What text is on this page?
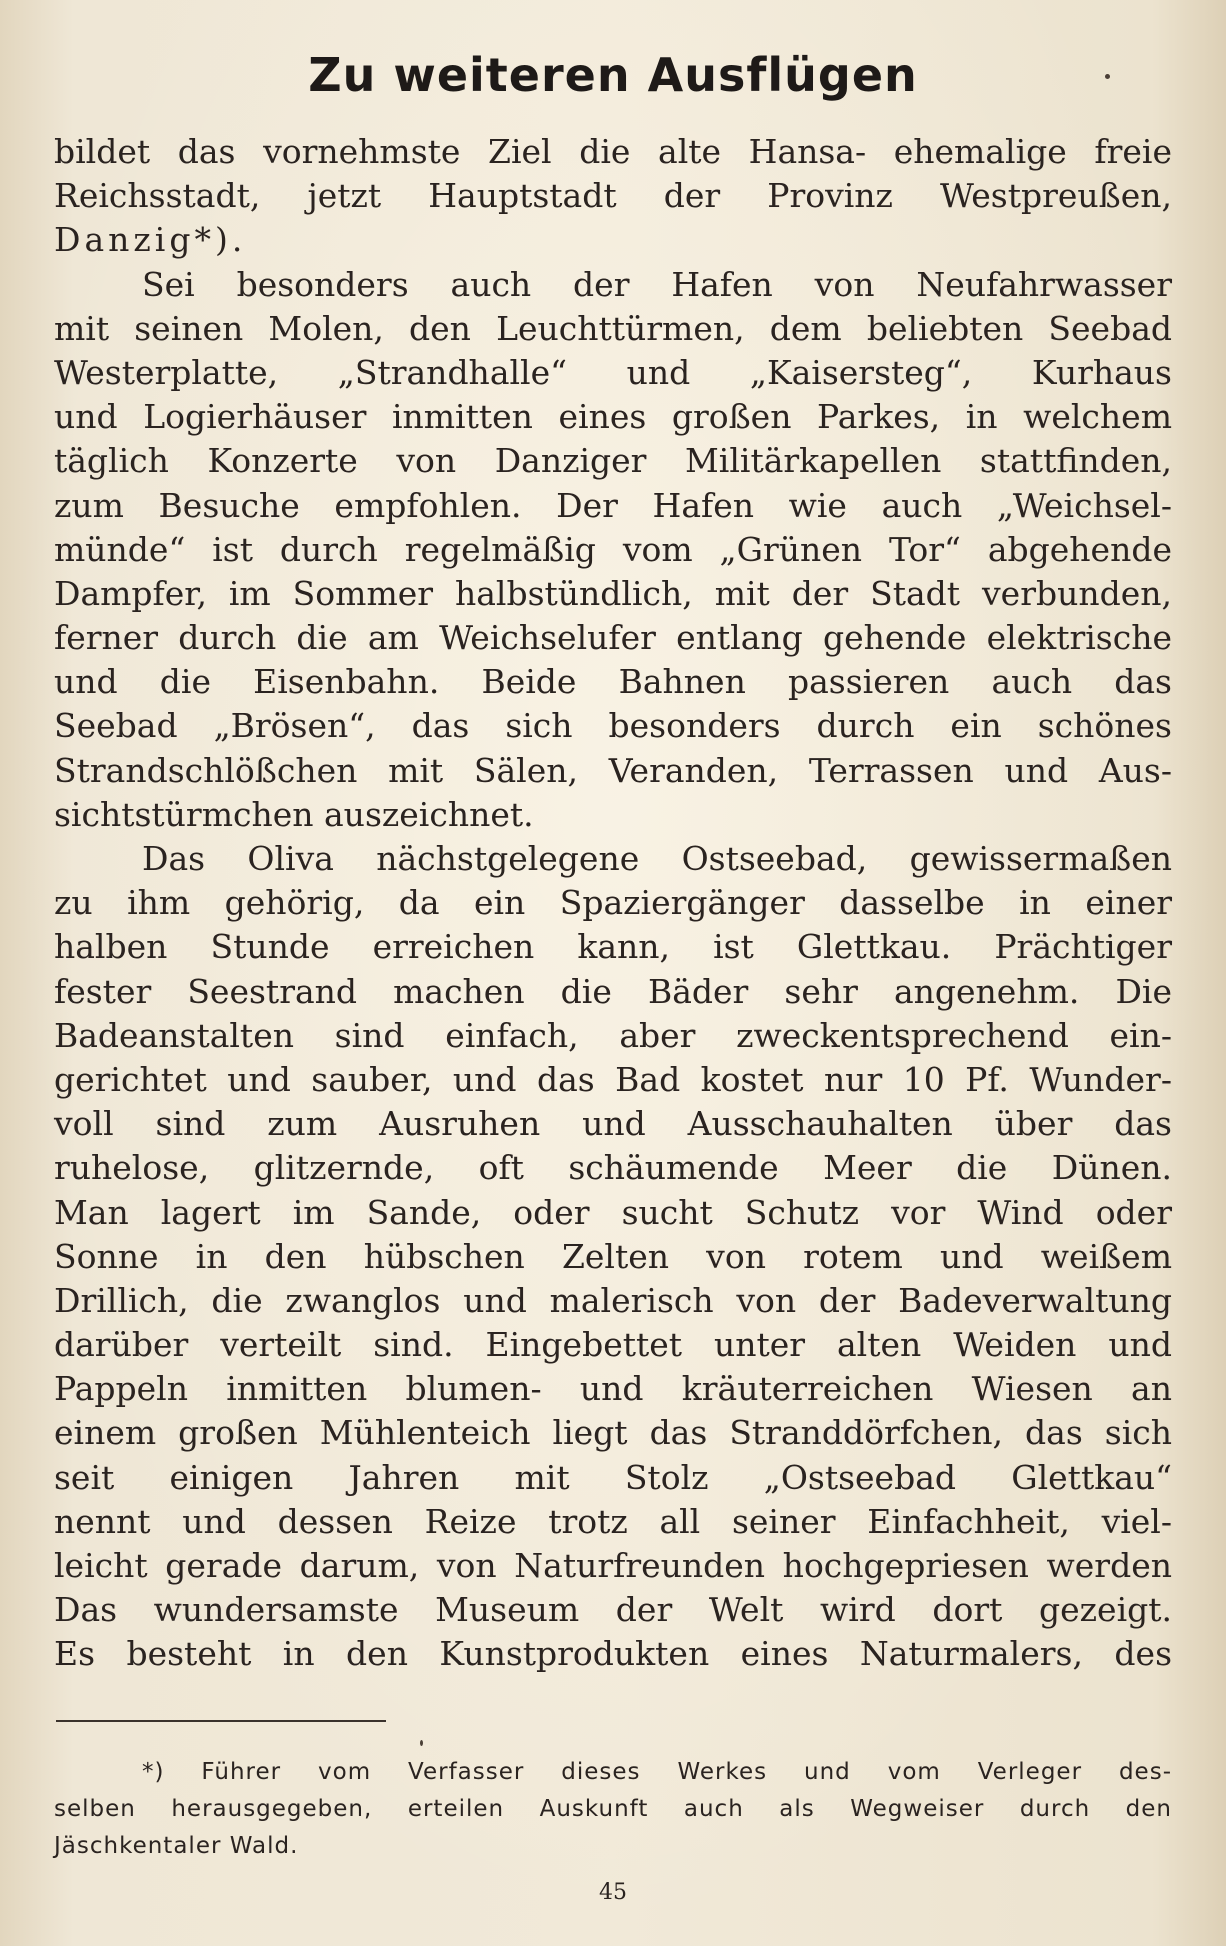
Zu weiteren Ausflügen
bildet das vornehmste Ziel die alte Hansa- ehemalige freie
Reichsstadt, jetzt Hauptstadt der Provinz Westpreußen,
Danzig*).
Sei besonders auch der Hafen von Neufahrwasser
mit seinen Molen, den Leuchttürmen, dem beliebten Seebad
Westerplatte, „Strandhalle“ und „Kaisersteg“, Kurhaus
und Logierhäuser inmitten eines großen Parkes, in welchem
täglich Konzerte von Danziger Militärkapellen stattfinden,
zum Besuche empfohlen. Der Hafen wie auch „Weichsel-
münde“ ist durch regelmäßig vom „Grünen Tor“ abgehende
Dampfer, im Sommer halbstündlich, mit der Stadt verbunden,
ferner durch die am Weichselufer entlang gehende elektrische
und die Eisenbahn. Beide Bahnen passieren auch das
Seebad „Brösen“, das sich besonders durch ein schönes
Strandschlößchen mit Sälen, Veranden, Terrassen und Aus-
sichtstürmchen auszeichnet.
Das Oliva nächstgelegene Ostseebad, gewissermaßen
zu ihm gehörig, da ein Spaziergänger dasselbe in einer
halben Stunde erreichen kann, ist Glettkau. Prächtiger
fester Seestrand machen die Bäder sehr angenehm. Die
Badeanstalten sind einfach, aber zweckentsprechend ein-
gerichtet und sauber, und das Bad kostet nur 10 Pf. Wunder-
voll sind zum Ausruhen und Ausschauhalten über das
ruhelose, glitzernde, oft schäumende Meer die Dünen.
Man lagert im Sande, oder sucht Schutz vor Wind oder
Sonne in den hübschen Zelten von rotem und weißem
Drillich, die zwanglos und malerisch von der Badeverwaltung
darüber verteilt sind. Eingebettet unter alten Weiden und
Pappeln inmitten blumen- und kräuterreichen Wiesen an
einem großen Mühlenteich liegt das Stranddörfchen, das sich
seit einigen Jahren mit Stolz „Ostseebad Glettkau“
nennt und dessen Reize trotz all seiner Einfachheit, viel-
leicht gerade darum, von Naturfreunden hochgepriesen werden
Das wundersamste Museum der Welt wird dort gezeigt.
Es besteht in den Kunstprodukten eines Naturmalers, des
*) Führer vom Verfasser dieses Werkes und vom Verleger des-
selben herausgegeben, erteilen Auskunft auch als Wegweiser durch den
Jäschkentaler Wald.
45
